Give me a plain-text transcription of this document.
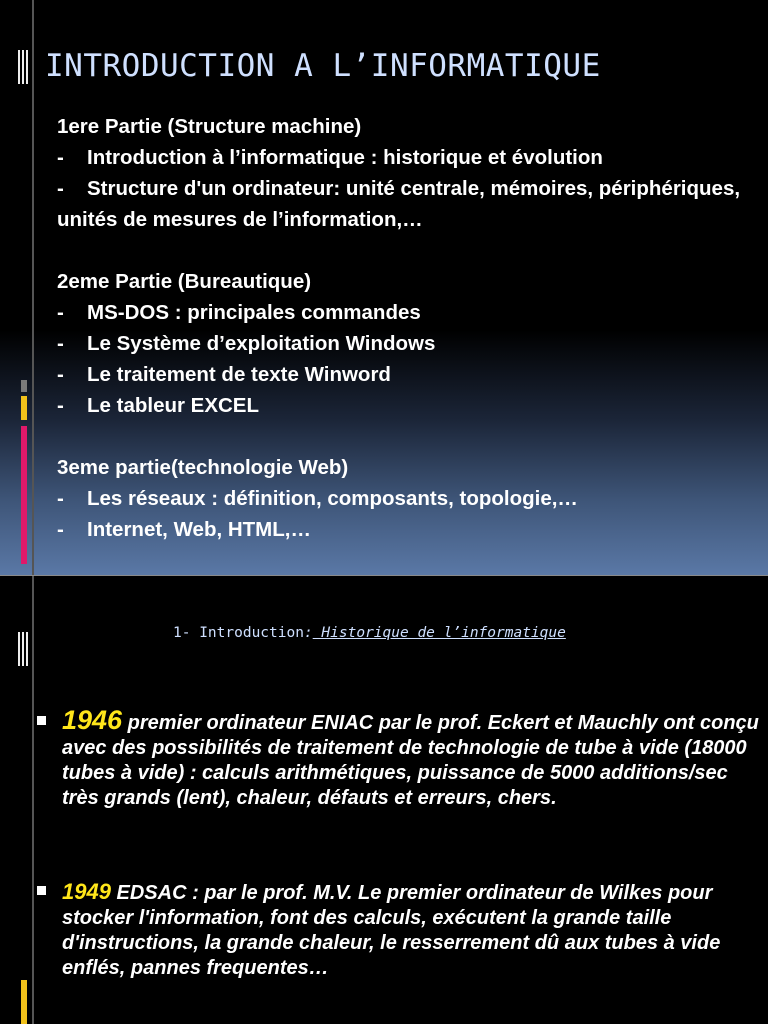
INTRODUCTION A L’INFORMATIQUE
1ere Partie (Structure machine)
- Introduction à l’informatique : historique et évolution
- Structure d'un ordinateur: unité centrale, mémoires, périphériques,
unités de mesures de l’information,…
2eme Partie (Bureautique)
- MS-DOS : principales commandes
- Le Système d’exploitation Windows
- Le traitement de texte Winword
- Le tableur EXCEL
3eme partie(technologie Web)
- Les réseaux : définition, composants, topologie,…
- Internet, Web, HTML,…
1- Introduction: Historique de l’informatique
1946 premier ordinateur ENIAC par le prof. Eckert et Mauchly ont conçu avec des possibilités de traitement de technologie de tube à vide (18000 tubes à vide) : calculs arithmétiques, puissance de 5000 additions/sec très grands (lent), chaleur, défauts et erreurs, chers.
1949 EDSAC : par le prof. M.V. Le premier ordinateur de Wilkes pour stocker l'information, font des calculs, exécutent la grande taille d'instructions, la grande chaleur, le resserrement dû aux tubes à vide enflés, pannes frequentes…
